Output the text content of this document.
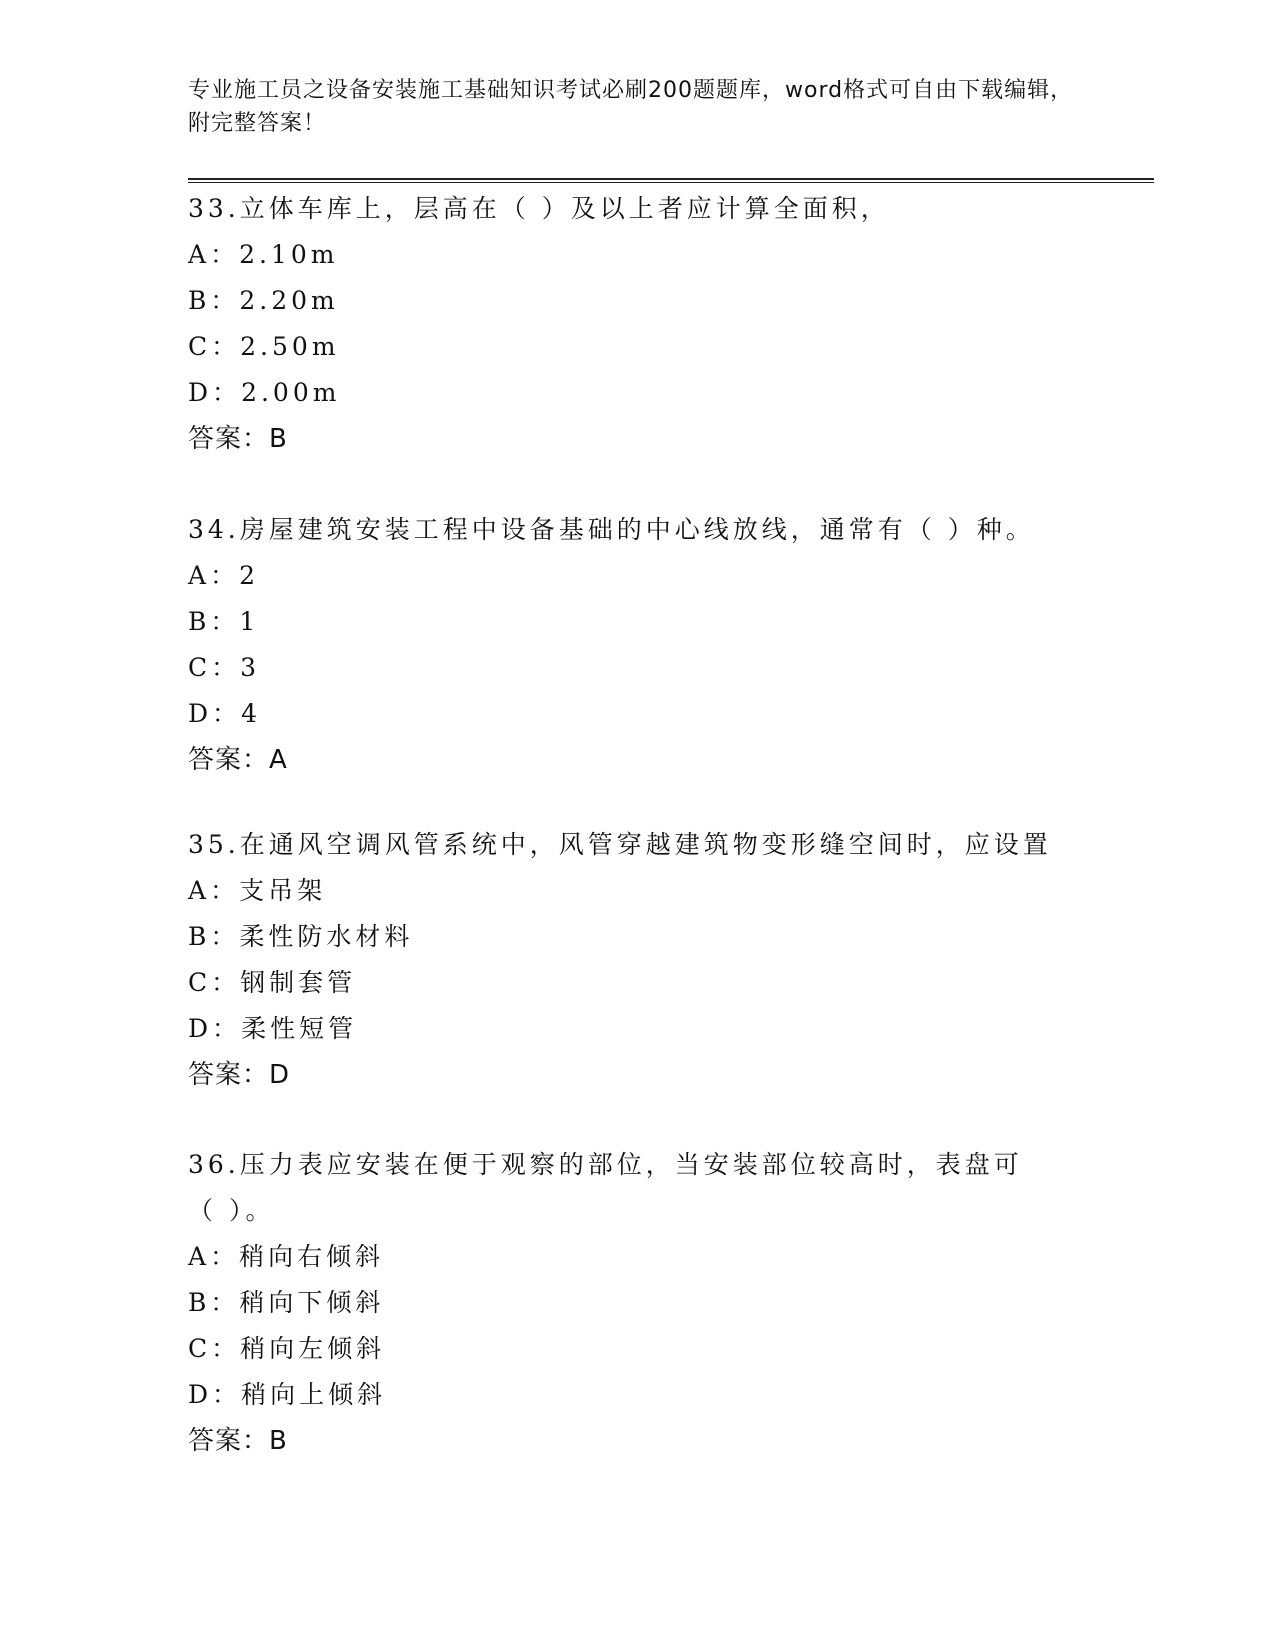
专业施工员之设备安装施工基础知识考试必刷200题题库，word格式可自由下载编辑，附完整答案！
33.立体车库上，层高在（ ）及以上者应计算全面积，
A：2.10m
B：2.20m
C：2.50m
D：2.00m
答案：B
34.房屋建筑安装工程中设备基础的中心线放线，通常有（ ）种。
A：2
B：1
C：3
D：4
答案：A
35.在通风空调风管系统中，风管穿越建筑物变形缝空间时，应设置
A：支吊架
B：柔性防水材料
C：钢制套管
D：柔性短管
答案：D
36.压力表应安装在便于观察的部位，当安装部位较高时，表盘可（ ）。
A：稍向右倾斜
B：稍向下倾斜
C：稍向左倾斜
D：稍向上倾斜
答案：B
